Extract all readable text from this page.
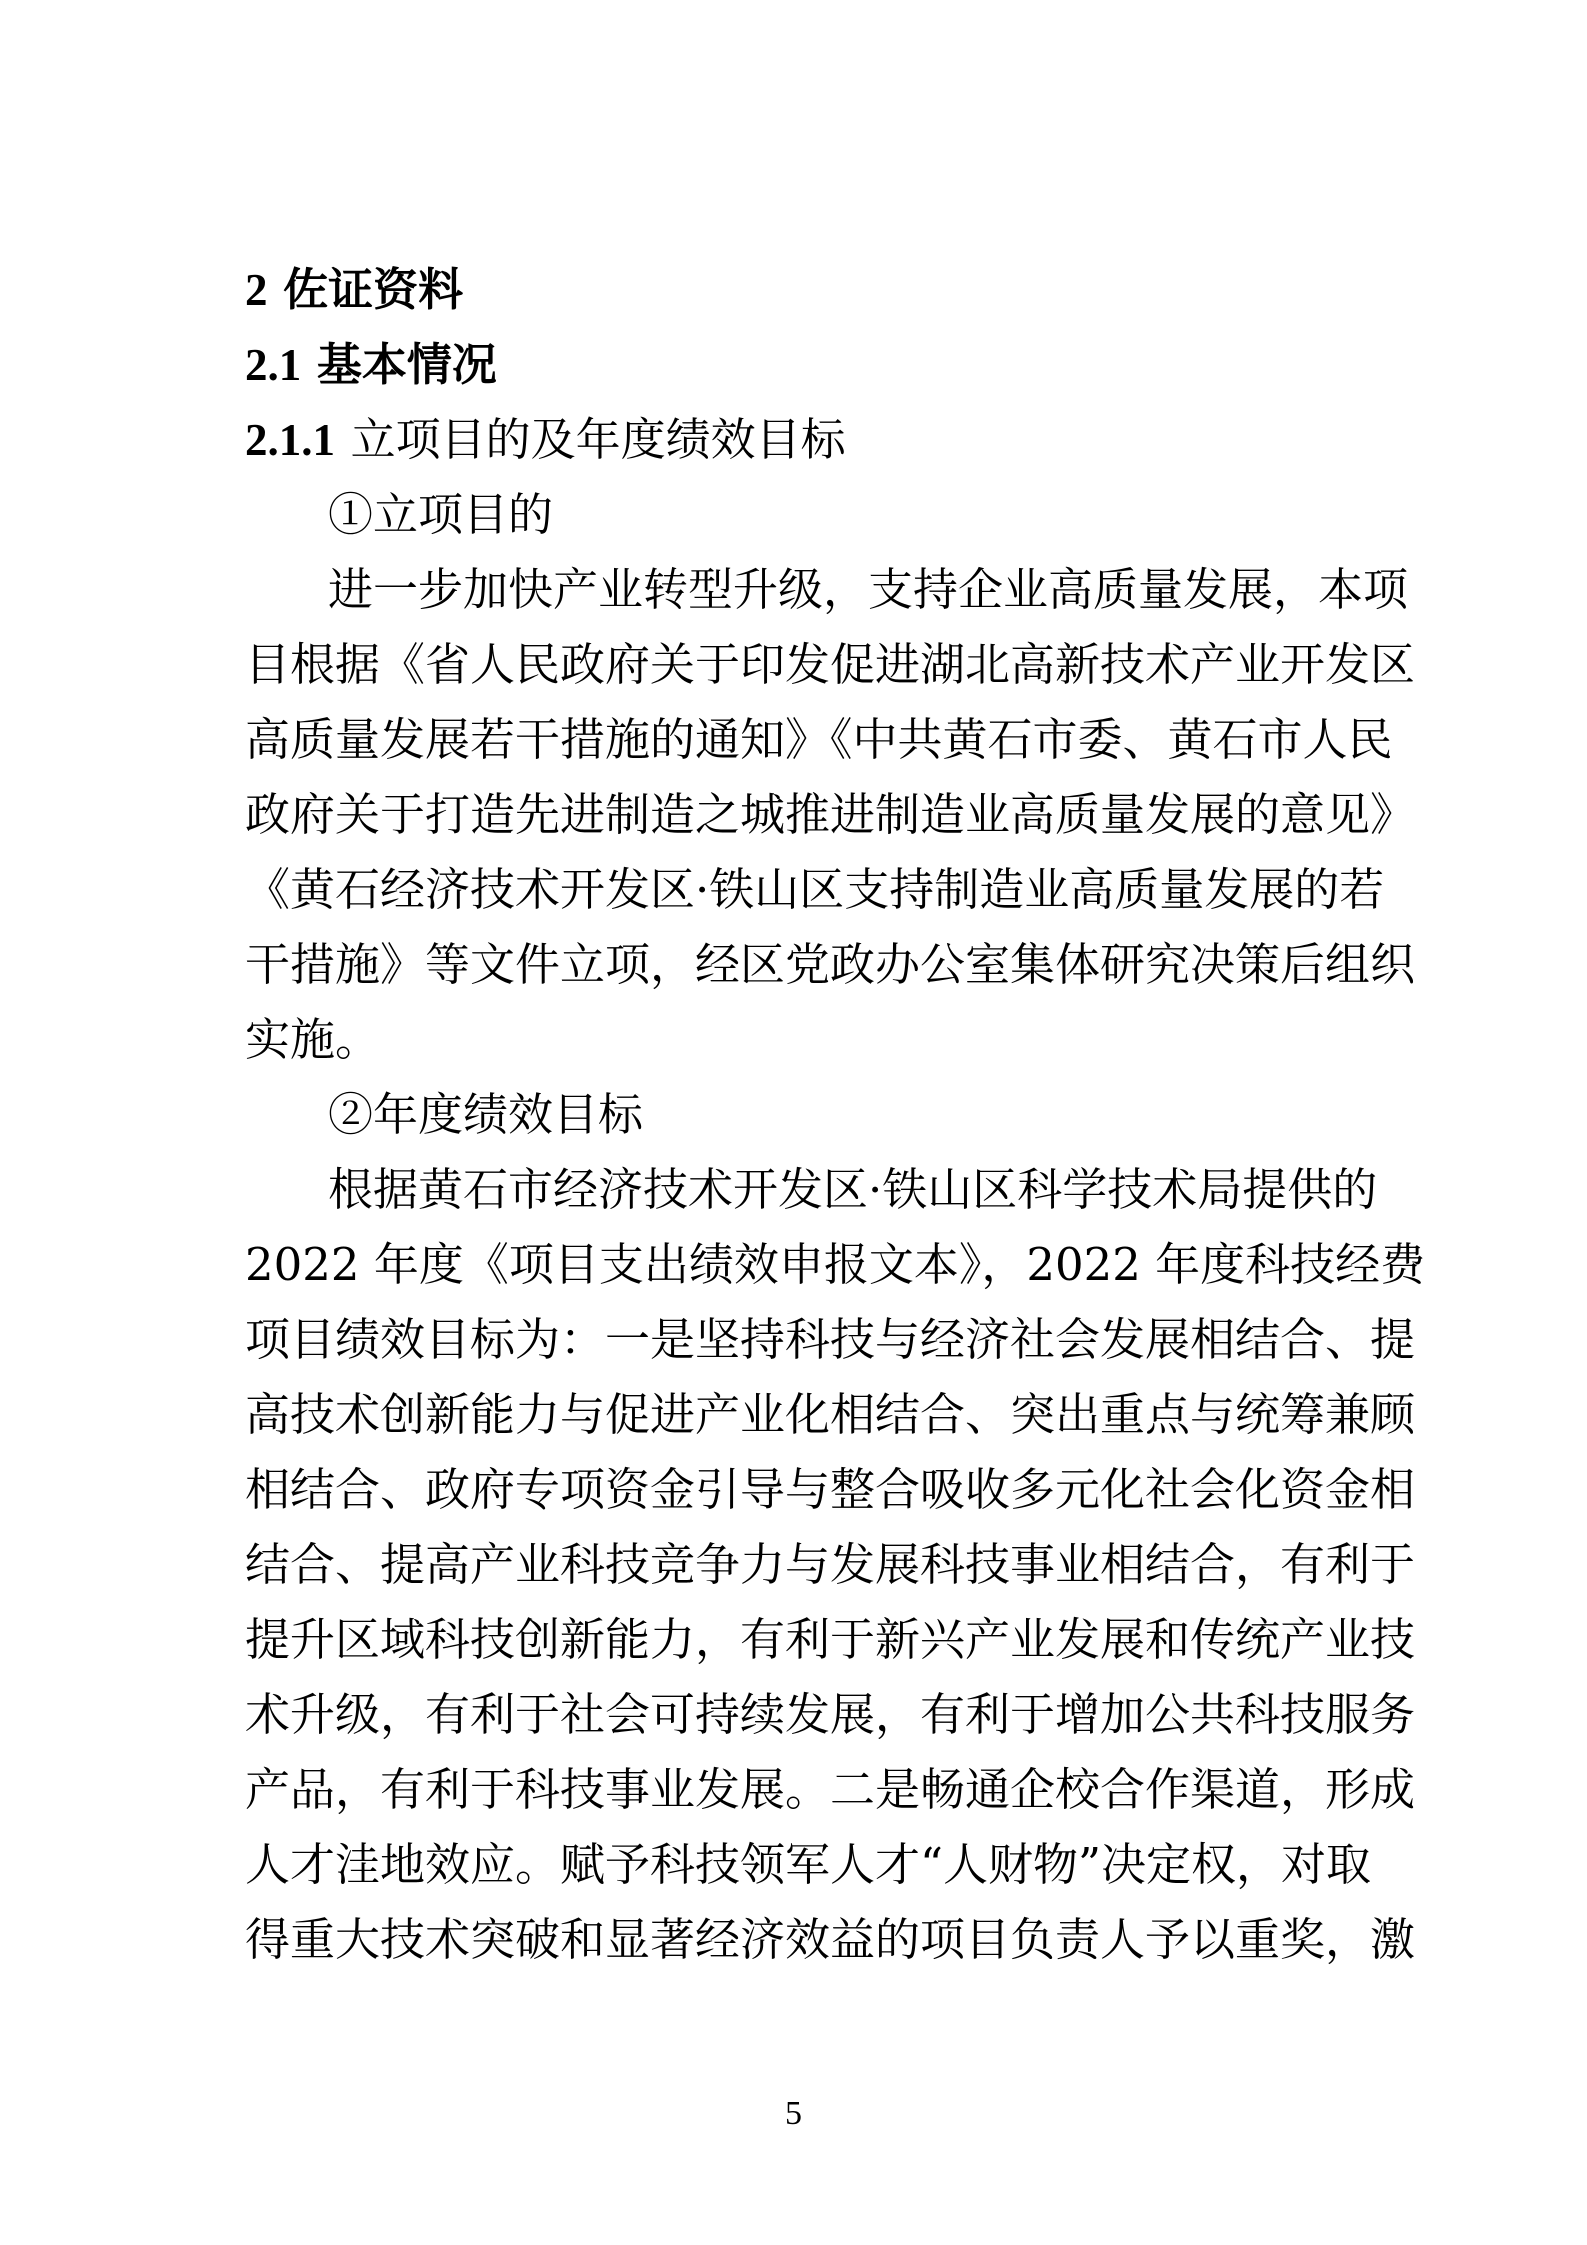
2 佐证资料
2.1 基本情况
2.1.1 立项目的及年度绩效目标
①立项目的
进一步加快产业转型升级，支持企业高质量发展，本项
目根据《省人民政府关于印发促进湖北高新技术产业开发区
高质量发展若干措施的通知》《中共黄石市委、黄石市人民
政府关于打造先进制造之城推进制造业高质量发展的意见》
《黄石经济技术开发区·铁山区支持制造业高质量发展的若
干措施》等文件立项，经区党政办公室集体研究决策后组织
实施。
②年度绩效目标
根据黄石市经济技术开发区·铁山区科学技术局提供的
2022 年度《项目支出绩效申报文本》，2022 年度科技经费
项目绩效目标为：一是坚持科技与经济社会发展相结合、提
高技术创新能力与促进产业化相结合、突出重点与统筹兼顾
相结合、政府专项资金引导与整合吸收多元化社会化资金相
结合、提高产业科技竞争力与发展科技事业相结合，有利于
提升区域科技创新能力，有利于新兴产业发展和传统产业技
术升级，有利于社会可持续发展，有利于增加公共科技服务
产品，有利于科技事业发展。二是畅通企校合作渠道，形成
人才洼地效应。赋予科技领军人才“人财物”决定权，对取
得重大技术突破和显著经济效益的项目负责人予以重奖，激
5
